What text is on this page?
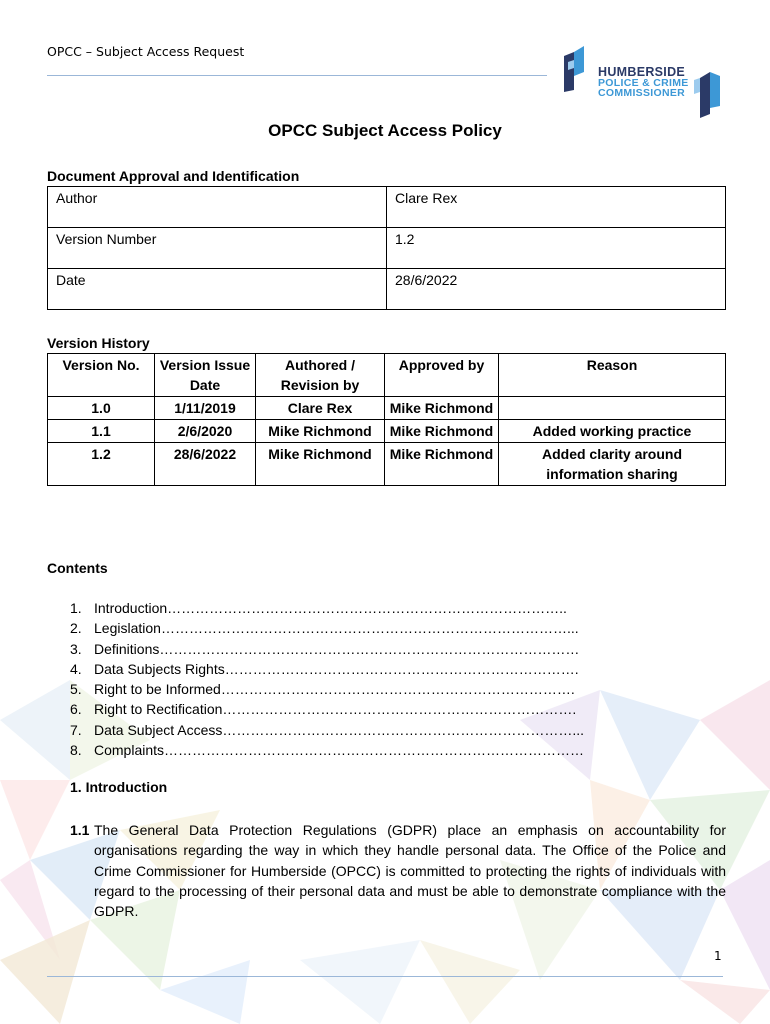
OPCC – Subject Access Request
HUMBERSIDE
POLICE & CRIME
COMMISSIONER
OPCC Subject Access Policy
Document Approval and Identification
Author	Clare Rex
Version Number	1.2
Date	28/6/2022
Version History
Version No.	Version Issue Date	Authored / Revision by	Approved by	Reason
1.0	1/11/2019	Clare Rex	Mike Richmond	
1.1	2/6/2020	Mike Richmond	Mike Richmond	Added working practice
1.2	28/6/2022	Mike Richmond	Mike Richmond	Added clarity around information sharing
Contents
1. Introduction…………………………………………………………………………..
2. Legislation……………………………………………………………………………...
3. Definitions………………………………………………………………………………
4. Data Subjects Rights………………………………………………………………….
5. Right to be Informed………………………………………………………………….
6. Right to Rectification………………………………………………………………….
7. Data Subject Access…………………………………………………………………...
8. Complaints………………………………………………………………………………
1. Introduction
1.1 The General Data Protection Regulations (GDPR) place an emphasis on accountability for organisations regarding the way in which they handle personal data. The Office of the Police and Crime Commissioner for Humberside (OPCC) is committed to protecting the rights of individuals with regard to the processing of their personal data and must be able to demonstrate compliance with the GDPR.
1
